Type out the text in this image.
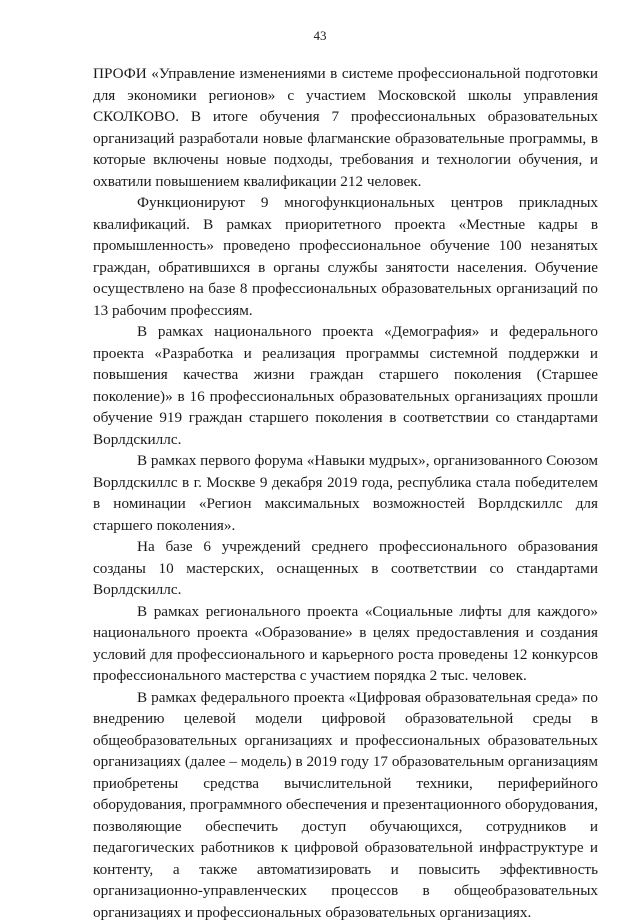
43

ПРОФИ «Управление изменениями в системе профессиональной подготовки для экономики регионов» с участием Московской школы управления СКОЛКОВО. В итоге обучения 7 профессиональных образовательных организаций разработали новые флагманские образовательные программы, в которые включены новые подходы, требования и технологии обучения, и охватили повышением квалификации 212 человек.

Функционируют 9 многофункциональных центров прикладных квалификаций. В рамках приоритетного проекта «Местные кадры в промышленность» проведено профессиональное обучение 100 незанятых граждан, обратившихся в органы службы занятости населения. Обучение осуществлено на базе 8 профессиональных образовательных организаций по 13 рабочим профессиям.

В рамках национального проекта «Демография» и федерального проекта «Разработка и реализация программы системной поддержки и повышения качества жизни граждан старшего поколения (Старшее поколение)» в 16 профессиональных образовательных организациях прошли обучение 919 граждан старшего поколения в соответствии со стандартами Ворлдскиллс.

В рамках первого форума «Навыки мудрых», организованного Союзом Ворлдскиллс в г. Москве 9 декабря 2019 года, республика стала победителем в номинации «Регион максимальных возможностей Ворлдскиллс для старшего поколения».

На базе 6 учреждений среднего профессионального образования созданы 10 мастерских, оснащенных в соответствии со стандартами Ворлдскиллс.

В рамках регионального проекта «Социальные лифты для каждого» национального проекта «Образование» в целях предоставления и создания условий для профессионального и карьерного роста проведены 12 конкурсов профессионального мастерства с участием порядка 2 тыс. человек.

В рамках федерального проекта «Цифровая образовательная среда» по внедрению целевой модели цифровой образовательной среды в общеобразовательных организациях и профессиональных образовательных организациях (далее – модель) в 2019 году 17 образовательным организациям приобретены средства вычислительной техники, периферийного оборудования, программного обеспечения и презентационного оборудования, позволяющие обеспечить доступ обучающихся, сотрудников и педагогических работников к цифровой образовательной инфраструктуре и контенту, а также автоматизировать и повысить эффективность организационно-управленческих процессов в общеобразовательных организациях и профессиональных образовательных организациях.
